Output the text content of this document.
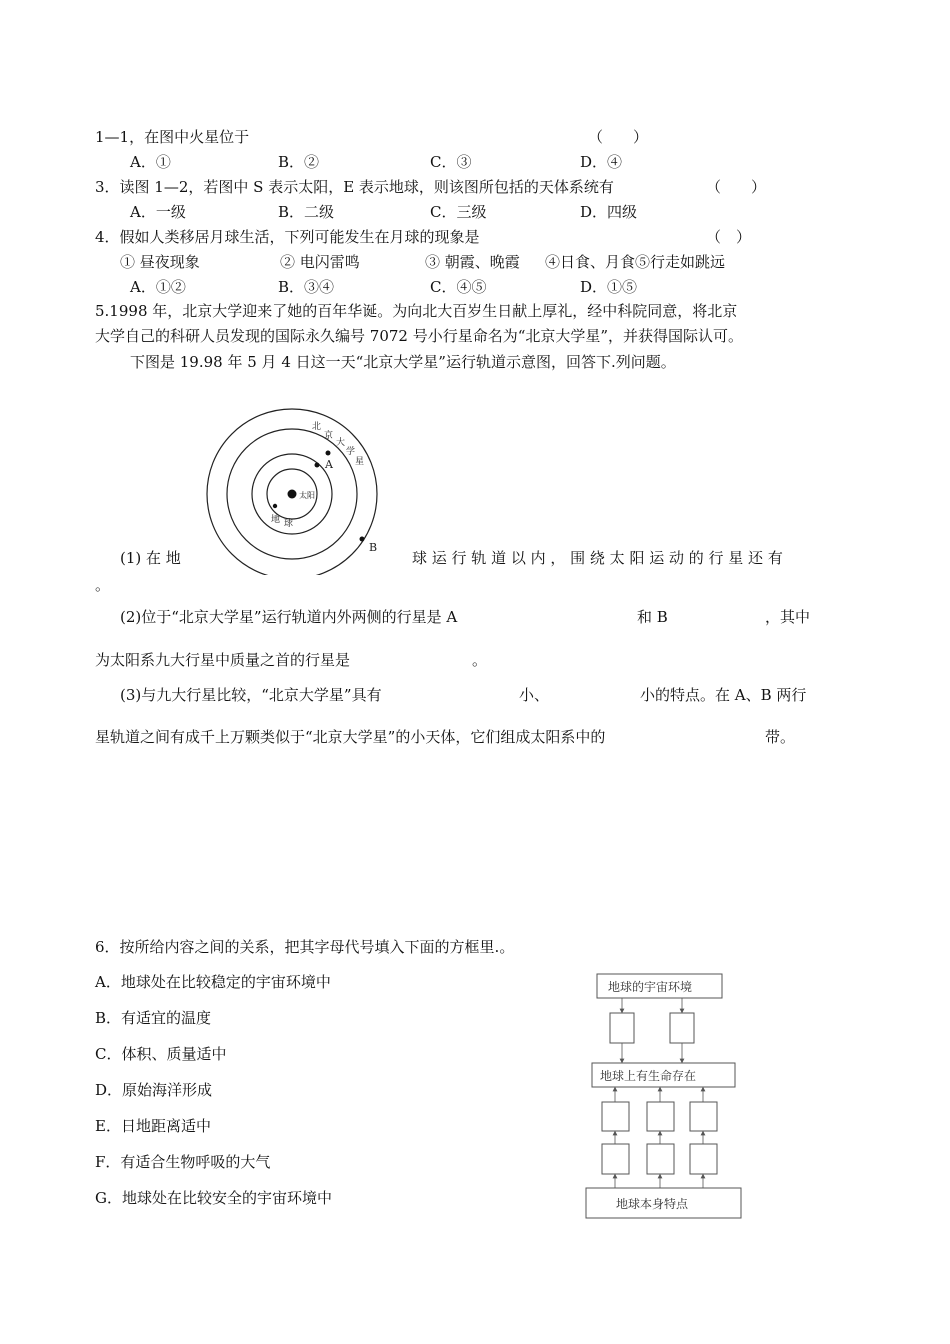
1—1，在图中火星位于	（　　）
A．①	B．②	C．③	D．④
3．读图 1—2，若图中 S 表示太阳，E 表示地球，则该图所包括的天体系统有	（　　）
A．一级	B．二级	C．三级	D．四级
4．假如人类移居月球生活，下列可能发生在月球的现象是	（　）
① 昼夜现象	② 电闪雷鸣	③ 朝霞、晚霞 ④日食、月食⑤行走如跳远
A．①②	B．③④	C．④⑤	D．①⑤
5.1998 年，北京大学迎来了她的百年华诞。为向北大百岁生日献上厚礼，经中科院同意，将北京
大学自己的科研人员发现的国际永久编号 7072 号小行星命名为“北京大学星”，并获得国际认可。
下图是 19.98 年 5 月 4 日这一天“北京大学星”运行轨道示意图，回答下.列问题。
北
京
大
学
星
A
B
太阳
地 球
(1) 在 地	球 运 行 轨 道 以 内 ， 围 绕 太 阳 运 动 的 行 星 还 有
。
(2)位于“北京大学星”运行轨道内外两侧的行星是 A	和 B	，其中
为太阳系九大行星中质量之首的行星是	。
(3)与九大行星比较，“北京大学星”具有	小、	小的特点。在 A、B 两行
星轨道之间有成千上万颗类似于“北京大学星”的小天体，它们组成太阳系中的	带。
6．按所给内容之间的关系，把其字母代号填入下面的方框里.。
A．地球处在比较稳定的宇宙环境中
B．有适宜的温度
C．体积、质量适中
D．原始海洋形成
E．日地距离适中
F．有适合生物呼吸的大气
G．地球处在比较安全的宇宙环境中
地球的宇宙环境
地球上有生命存在
地球本身特点
